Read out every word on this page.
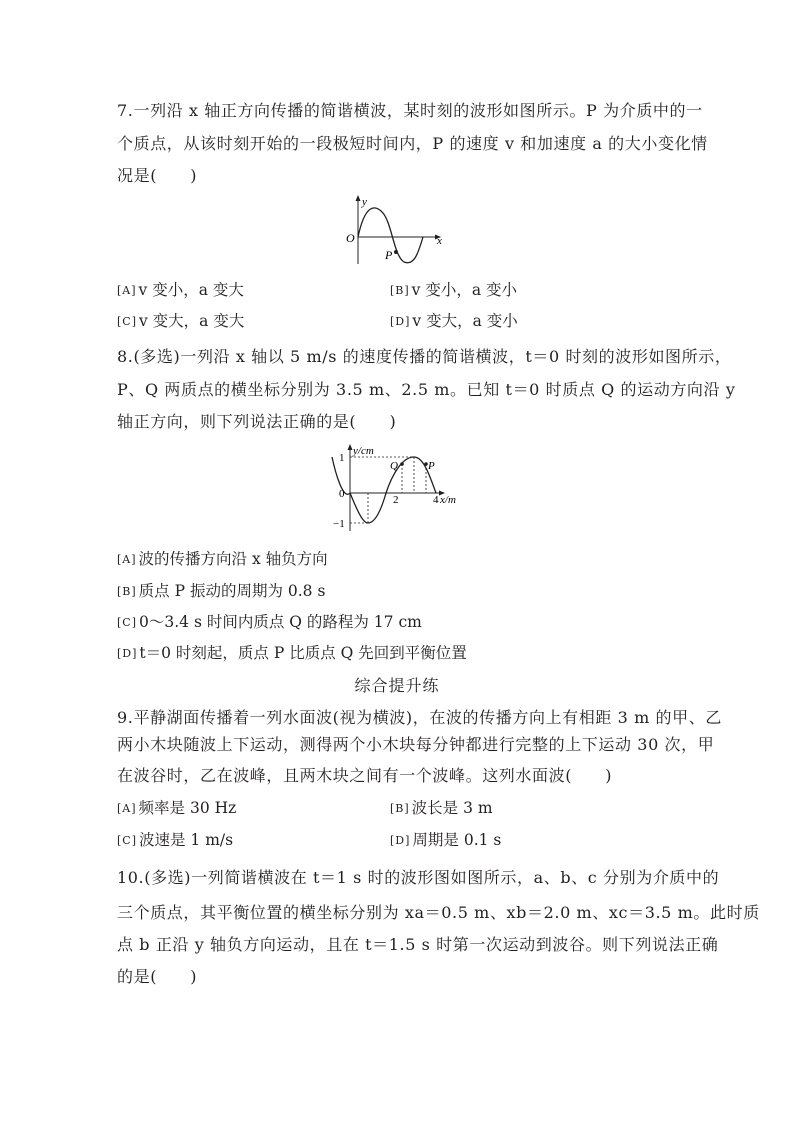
7.一列沿 x 轴正方向传播的简谐横波，某时刻的波形如图所示。P 为介质中的一
个质点，从该时刻开始的一段极短时间内，P 的速度 v 和加速度 a 的大小变化情
况是(　　)
y
x
O
P
[A] v 变小，a 变大	[B] v 变小，a 变小
[C] v 变大，a 变大	[D] v 变大，a 变小
8.(多选)一列沿 x 轴以 5 m/s 的速度传播的简谐横波，t＝0 时刻的波形如图所示，
P、Q 两质点的横坐标分别为 3.5 m、2.5 m。已知 t＝0 时质点 Q 的运动方向沿 y
轴正方向，则下列说法正确的是(　　)
y/cm
x/m
1
−1
0	2	4
Q	P
[A] 波的传播方向沿 x 轴负方向
[B] 质点 P 振动的周期为 0.8 s
[C] 0～3.4 s 时间内质点 Q 的路程为 17 cm
[D] t＝0 时刻起，质点 P 比质点 Q 先回到平衡位置
综合提升练
9.平静湖面传播着一列水面波(视为横波)，在波的传播方向上有相距 3 m 的甲、乙
两小木块随波上下运动，测得两个小木块每分钟都进行完整的上下运动 30 次，甲
在波谷时，乙在波峰，且两木块之间有一个波峰。这列水面波(　　)
[A] 频率是 30 Hz	[B] 波长是 3 m
[C] 波速是 1 m/s	[D] 周期是 0.1 s
10.(多选)一列简谐横波在 t＝1 s 时的波形图如图所示，a、b、c 分别为介质中的
三个质点，其平衡位置的横坐标分别为 xa＝0.5 m、xb＝2.0 m、xc＝3.5 m。此时质
点 b 正沿 y 轴负方向运动，且在 t＝1.5 s 时第一次运动到波谷。则下列说法正确
的是(　　)
